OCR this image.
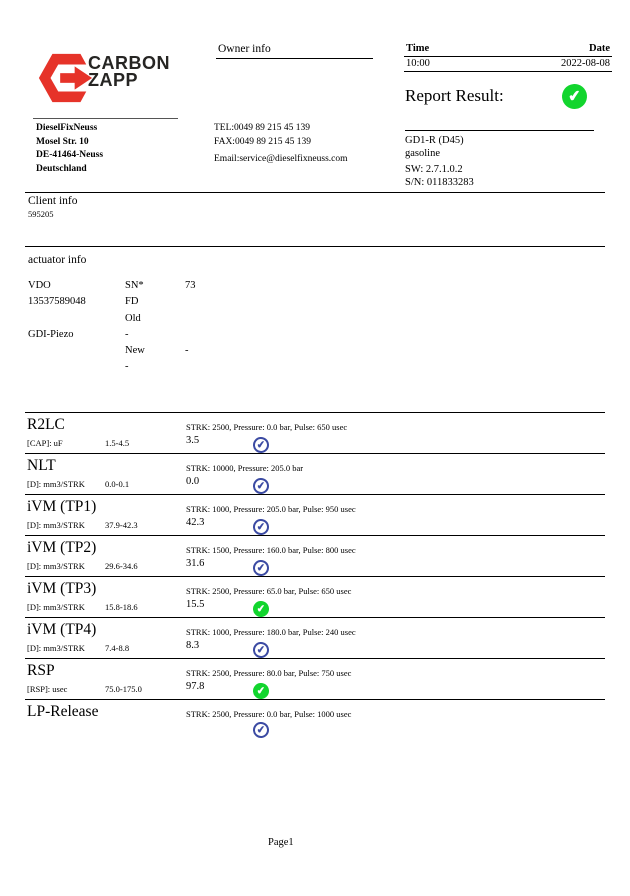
CARBON
ZAPP
Owner info	Time	Date
10:00	2022-08-08
Report Result:
✔
DieselFixNeuss
Mosel Str. 10
DE-41464-Neuss
Deutschland
TEL:0049 89 215 45 139
FAX:0049 89 215 45 139
Email:service@dieselfixneuss.com
GD1-R (D45)
gasoline
SW: 2.7.1.0.2
S/N: 011833283
Client info
595205
actuator info
VDO	SN*	73
13537589048	FD
Old
GDI-Piezo	-
New	-
-
R2LC	STRK: 2500, Pressure: 0.0 bar, Pulse: 650 usec
[CAP]: uF	1.5-4.5	3.5
✔
NLT	STRK: 10000, Pressure: 205.0 bar
[D]: mm3/STRK 0.0-0.1	0.0
✔
iVM (TP1)	STRK: 1000, Pressure: 205.0 bar, Pulse: 950 usec
[D]: mm3/STRK 37.9-42.3	42.3
✔
iVM (TP2)	STRK: 1500, Pressure: 160.0 bar, Pulse: 800 usec
[D]: mm3/STRK 29.6-34.6	31.6
✔
iVM (TP3)	STRK: 2500, Pressure: 65.0 bar, Pulse: 650 usec
[D]: mm3/STRK 15.8-18.6	15.5
✔
iVM (TP4)	STRK: 1000, Pressure: 180.0 bar, Pulse: 240 usec
[D]: mm3/STRK 7.4-8.8	8.3
✔
RSP	STRK: 2500, Pressure: 80.0 bar, Pulse: 750 usec
[RSP]: usec	75.0-175.0	97.8
✔
LP-Release	STRK: 2500, Pressure: 0.0 bar, Pulse: 1000 usec
✔
Page1
